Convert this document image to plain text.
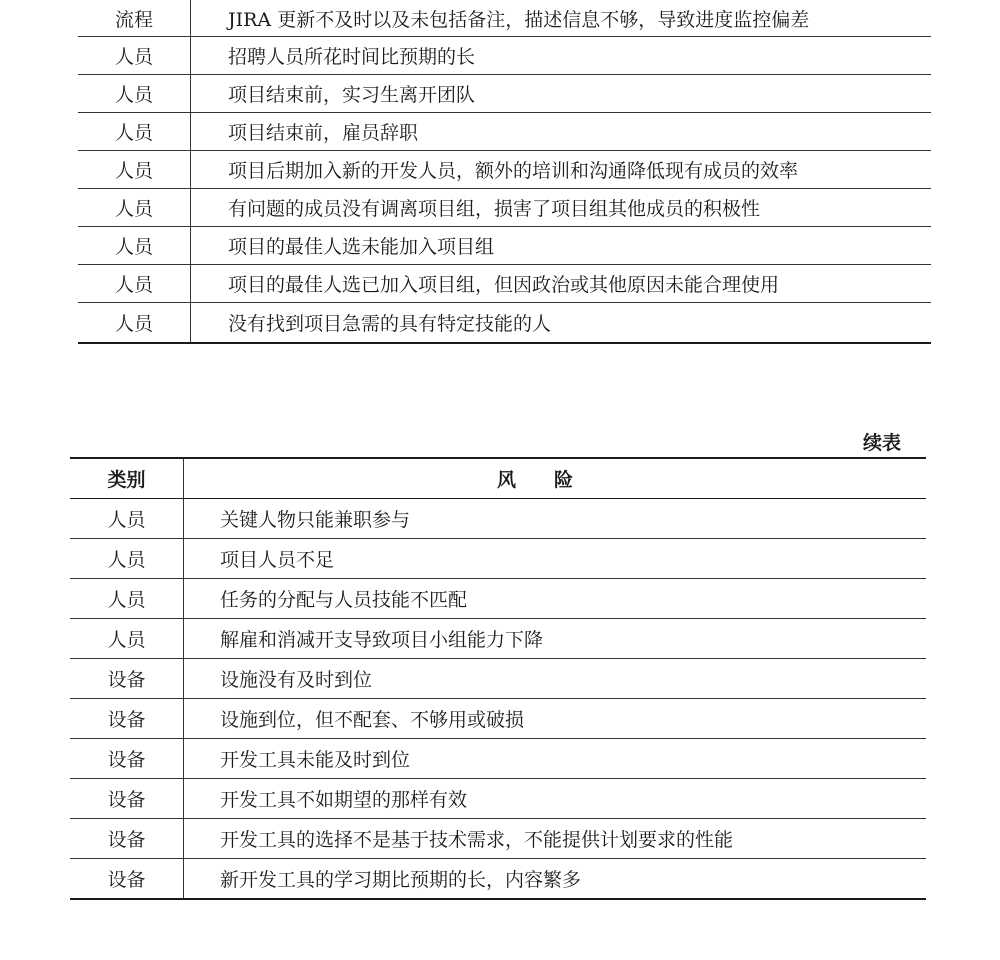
流程	JIRA 更新不及时以及未包括备注，描述信息不够，导致进度监控偏差
人员	招聘人员所花时间比预期的长
人员	项目结束前，实习生离开团队
人员	项目结束前，雇员辞职
人员	项目后期加入新的开发人员，额外的培训和沟通降低现有成员的效率
人员	有问题的成员没有调离项目组，损害了项目组其他成员的积极性
人员	项目的最佳人选未能加入项目组
人员	项目的最佳人选已加入项目组，但因政治或其他原因未能合理使用
人员	没有找到项目急需的具有特定技能的人
续表
类别	风　　险
人员	关键人物只能兼职参与
人员	项目人员不足
人员	任务的分配与人员技能不匹配
人员	解雇和消减开支导致项目小组能力下降
设备	设施没有及时到位
设备	设施到位，但不配套、不够用或破损
设备	开发工具未能及时到位
设备	开发工具不如期望的那样有效
设备	开发工具的选择不是基于技术需求，不能提供计划要求的性能
设备	新开发工具的学习期比预期的长，内容繁多
